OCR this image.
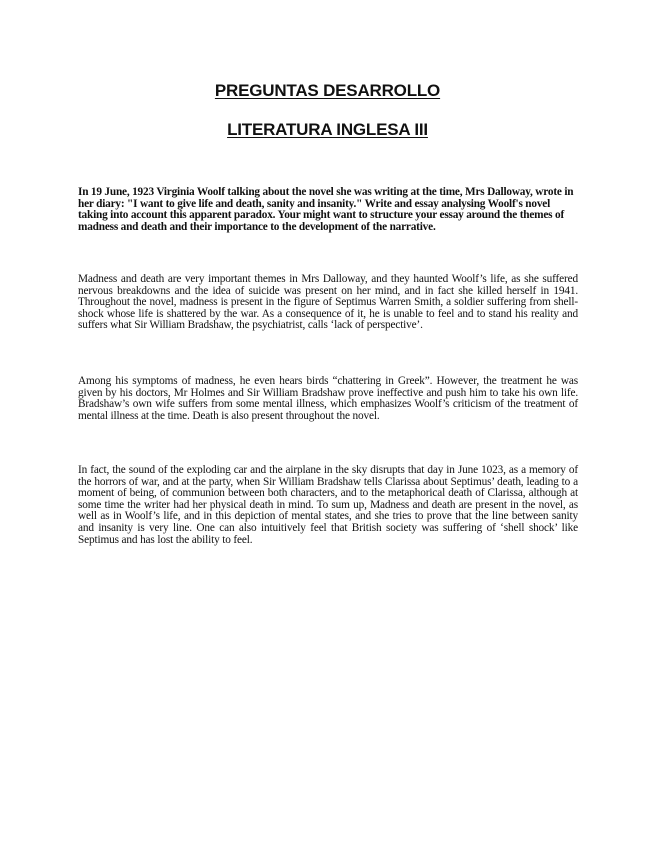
PREGUNTAS DESARROLLO
LITERATURA INGLESA III

In 19 June, 1923 Virginia Woolf talking about the novel she was writing at the time, Mrs Dalloway, wrote in her diary: "I want to give life and death, sanity and insanity." Write and essay analysing Woolf's novel taking into account this apparent paradox. Your might want to structure your essay around the themes of madness and death and their importance to the development of the narrative.

Madness and death are very important themes in Mrs Dalloway, and they haunted Woolf’s life, as she suffered nervous breakdowns and the idea of suicide was present on her mind, and in fact she killed herself in 1941. Throughout the novel, madness is present in the figure of Septimus Warren Smith, a soldier suffering from shell-shock whose life is shattered by the war. As a consequence of it, he is unable to feel and to stand his reality and suffers what Sir William Bradshaw, the psychiatrist, calls ‘lack of perspective’.

Among his symptoms of madness, he even hears birds “chattering in Greek”. However, the treatment he was given by his doctors, Mr Holmes and Sir William Bradshaw prove ineffective and push him to take his own life. Bradshaw’s own wife suffers from some mental illness, which emphasizes Woolf’s criticism of the treatment of mental illness at the time. Death is also present throughout the novel.

In fact, the sound of the exploding car and the airplane in the sky disrupts that day in June 1023, as a memory of the horrors of war, and at the party, when Sir William Bradshaw tells Clarissa about Septimus’ death, leading to a moment of being, of communion between both characters, and to the metaphorical death of Clarissa, although at some time the writer had her physical death in mind. To sum up, Madness and death are present in the novel, as well as in Woolf’s life, and in this depiction of mental states, and she tries to prove that the line between sanity and insanity is very line. One can also intuitively feel that British society was suffering of ‘shell shock’ like Septimus and has lost the ability to feel.
